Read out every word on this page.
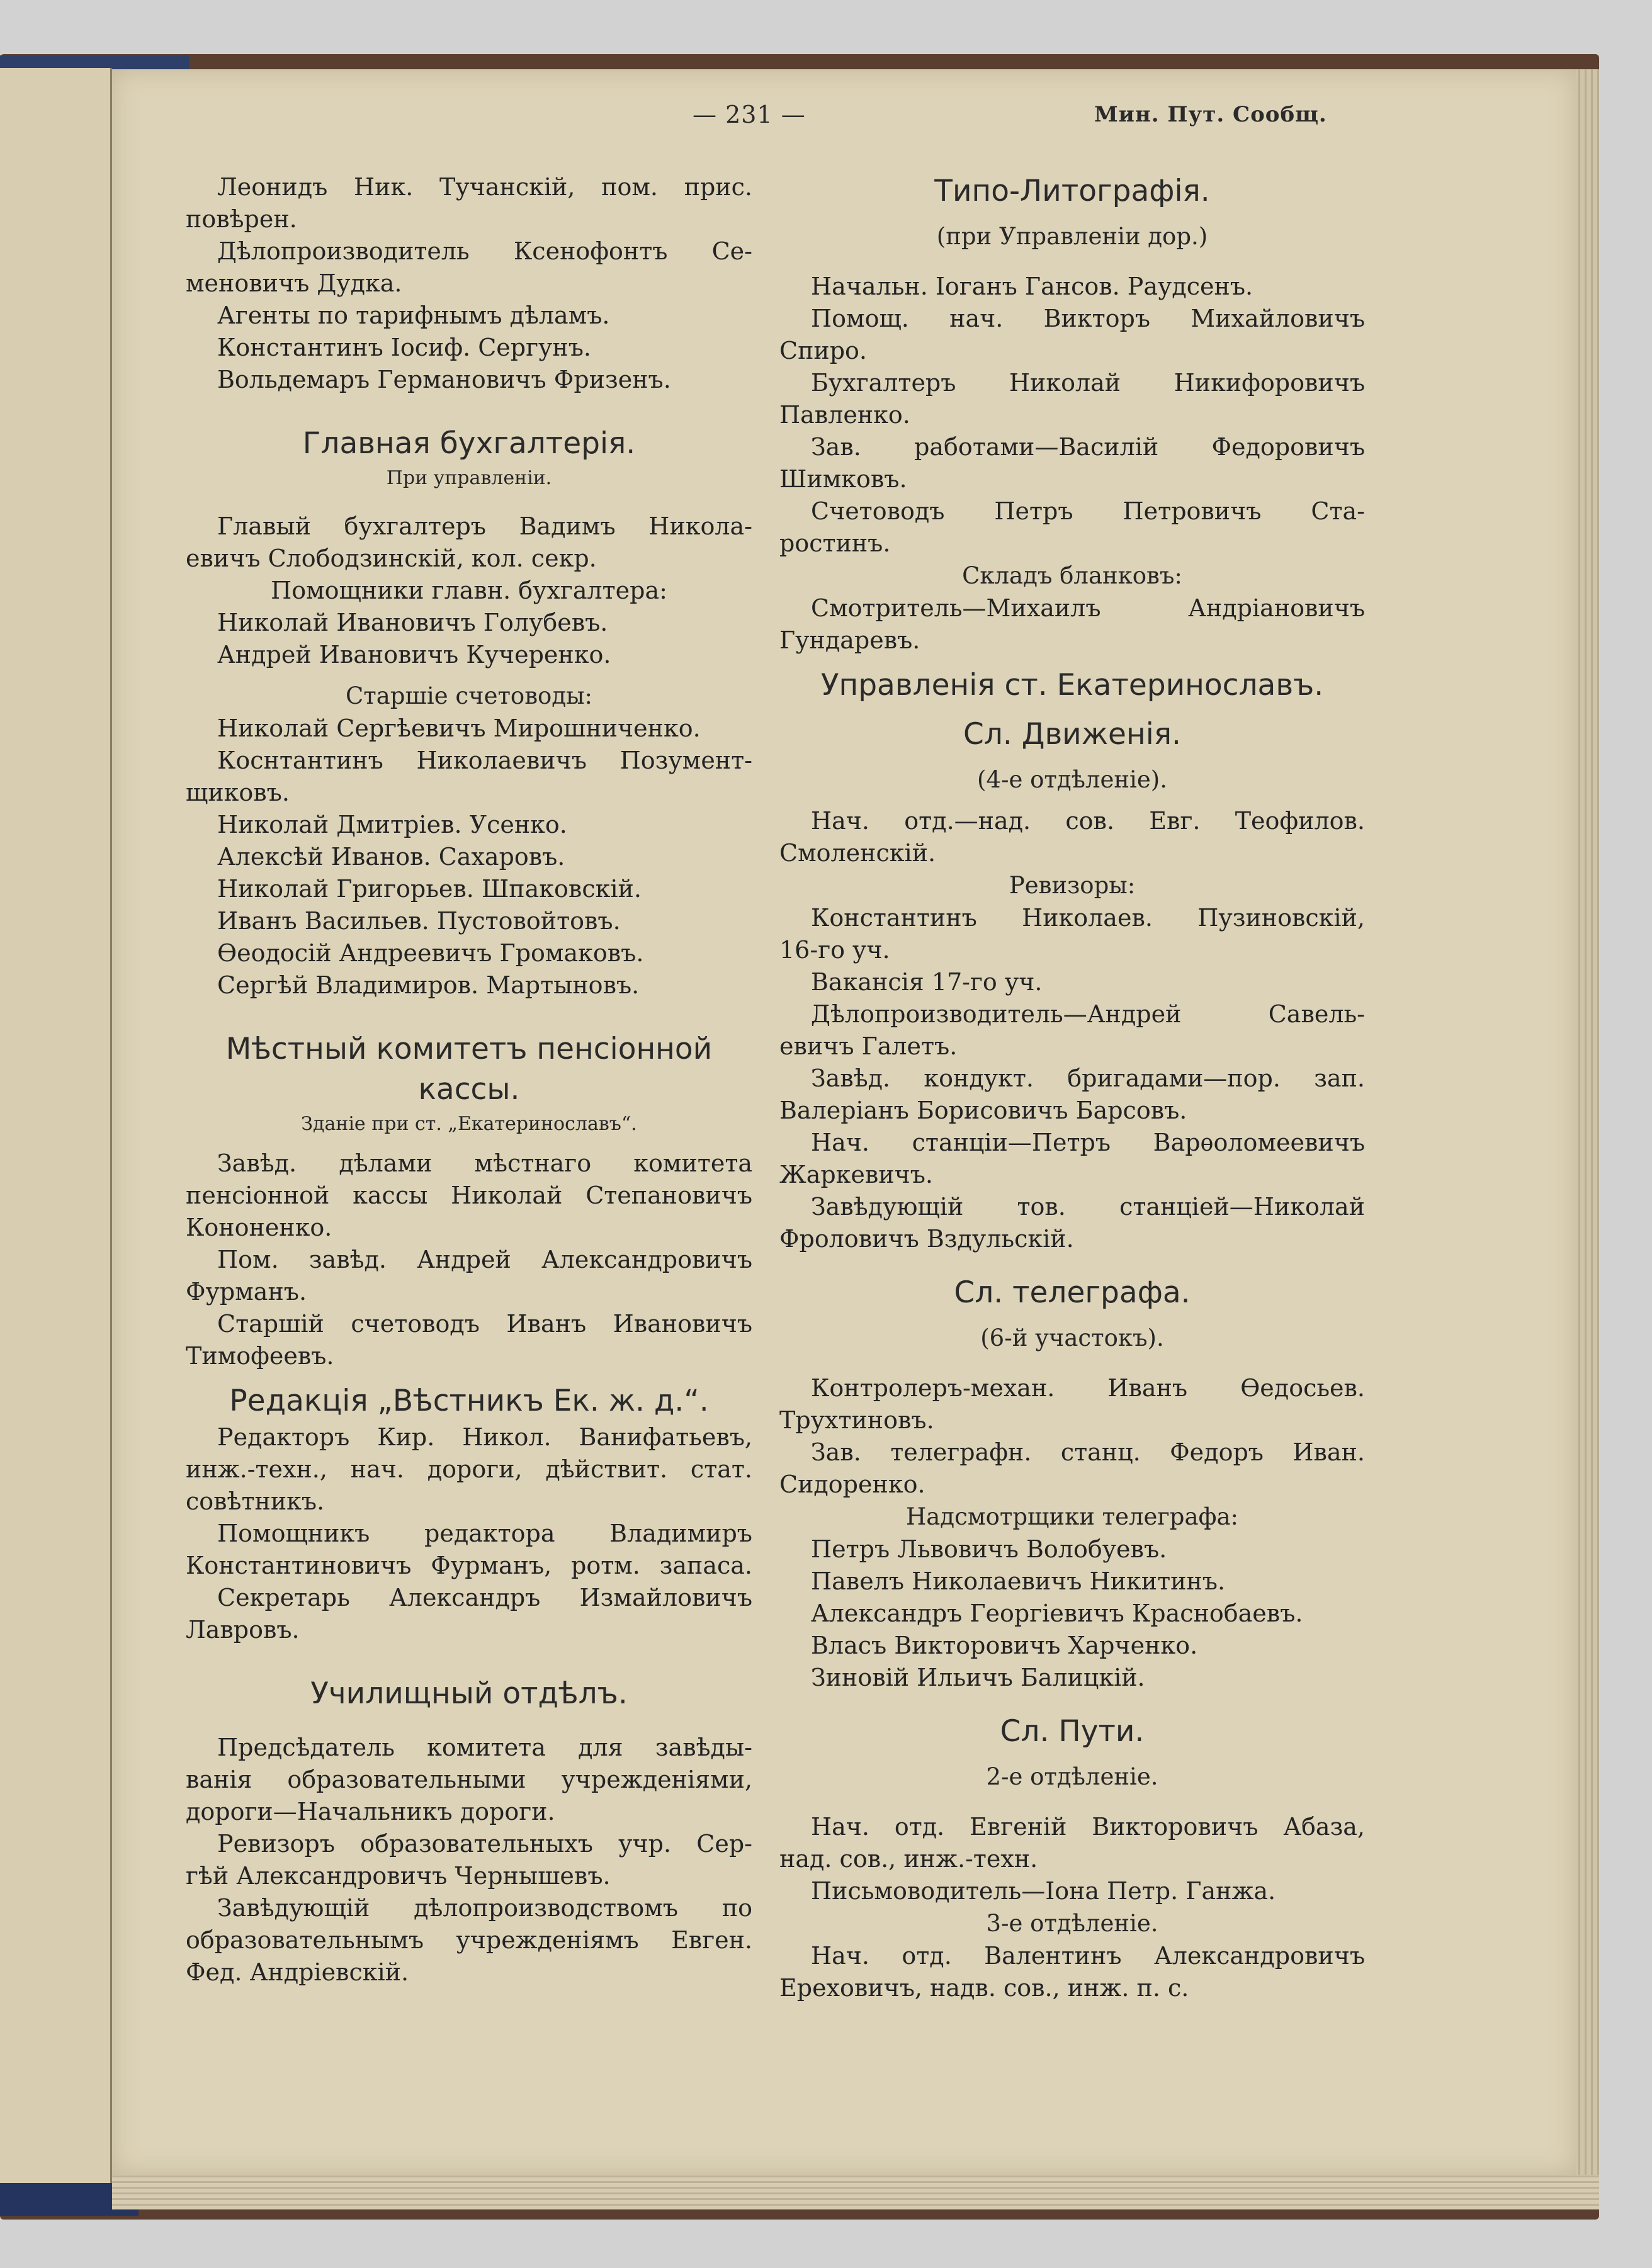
— 231 —	Мин. Пут. Сообщ.
Леонидъ Ник. Тучанскій, пом. прис.
повѣрен.
Дѣлопроизводитель Ксенофонтъ Се-
меновичъ Дудка.
Агенты по тарифнымъ дѣламъ.
Константинъ Іосиф. Сергунъ.
Вольдемаръ Германовичъ Фризенъ.
Главная бухгалтерія.
При управленіи.
Главый бухгалтеръ Вадимъ Никола-
евичъ Слободзинскій, кол. секр.
Помощники главн. бухгалтера:
Николай Ивановичъ Голубевъ.
Андрей Ивановичъ Кучеренко.
Старшіе счетоводы:
Николай Сергѣевичъ Мирошниченко.
Коснтантинъ Николаевичъ Позумент-
щиковъ.
Николай Дмитріев. Усенко.
Алексѣй Иванов. Сахаровъ.
Николай Григорьев. Шпаковскій.
Иванъ Васильев. Пустовойтовъ.
Ѳеодосій Андреевичъ Громаковъ.
Сергѣй Владимиров. Мартыновъ.
Мѣстный комитетъ пенсіонной
кассы.
Зданіе при ст. „Екатеринославъ“.
Завѣд. дѣлами мѣстнаго комитета
пенсіонной кассы Николай Степановичъ
Кононенко.
Пом. завѣд. Андрей Александровичъ
Фурманъ.
Старшій счетоводъ Иванъ Ивановичъ
Тимофеевъ.
Редакція „Вѣстникъ Ек. ж. д.“.
Редакторъ Кир. Никол. Ванифатьевъ,
инж.-техн., нач. дороги, дѣйствит. стат.
совѣтникъ.
Помощникъ редактора Владимиръ
Константиновичъ Фурманъ, ротм. запаса.
Секретарь Александръ Измайловичъ
Лавровъ.
Училищный отдѣлъ.
Предсѣдатель комитета для завѣды-
ванія образовательными учрежденіями,
дороги—Начальникъ дороги.
Ревизоръ образовательныхъ учр. Сер-
гѣй Александровичъ Чернышевъ.
Завѣдующій дѣлопроизводствомъ по
образовательнымъ учрежденіямъ Евген.
Фед. Андріевскій.
Типо-Литографія.
(при Управленіи дор.)
Начальн. Іоганъ Гансов. Раудсенъ.
Помощ. нач. Викторъ Михайловичъ
Спиро.
Бухгалтеръ Николай Никифоровичъ
Павленко.
Зав. работами—Василій Федоровичъ
Шимковъ.
Счетоводъ Петръ Петровичъ Ста-
ростинъ.
Складъ бланковъ:
Смотритель—Михаилъ Андріановичъ
Гундаревъ.
Управленія ст. Екатеринославъ.
Сл. Движенія.
(4-е отдѣленіе).
Нач. отд.—над. сов. Евг. Теофилов.
Смоленскій.
Ревизоры:
Константинъ Николаев. Пузиновскій,
16-го уч.
Вакансія 17-го уч.
Дѣлопроизводитель—Андрей Савель-
евичъ Галетъ.
Завѣд. кондукт. бригадами—пор. зап.
Валеріанъ Борисовичъ Барсовъ.
Нач. станціи—Петръ Варѳоломеевичъ
Жаркевичъ.
Завѣдующій тов. станціей—Николай
Фроловичъ Вздульскій.
Сл. телеграфа.
(6-й участокъ).
Контролеръ-механ. Иванъ Ѳедосьев.
Трухтиновъ.
Зав. телеграфн. станц. Федоръ Иван.
Сидоренко.
Надсмотрщики телеграфа:
Петръ Львовичъ Волобуевъ.
Павелъ Николаевичъ Никитинъ.
Александръ Георгіевичъ Краснобаевъ.
Власъ Викторовичъ Харченко.
Зиновій Ильичъ Балицкій.
Сл. Пути.
2-е отдѣленіе.
Нач. отд. Евгеній Викторовичъ Абаза,
над. сов., инж.-техн.
Письмоводитель—Іона Петр. Ганжа.
3-е отдѣленіе.
Нач. отд. Валентинъ Александровичъ
Ереховичъ, надв. сов., инж. п. с.
